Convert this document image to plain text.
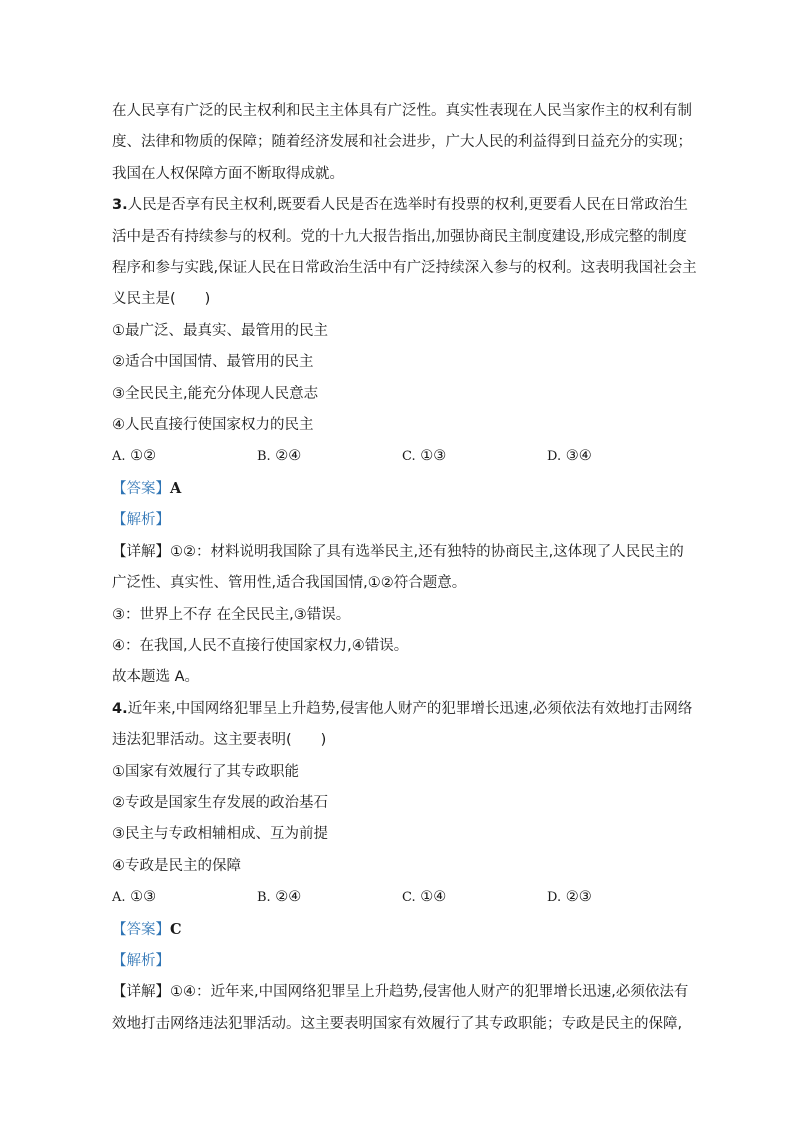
在人民享有广泛的民主权利和民主主体具有广泛性。真实性表现在人民当家作主的权利有制
度、法律和物质的保障；随着经济发展和社会进步，广大人民的利益得到日益充分的实现；
我国在人权保障方面不断取得成就。
3.人民是否享有民主权利,既要看人民是否在选举时有投票的权利,更要看人民在日常政治生
活中是否有持续参与的权利。党的十九大报告指出,加强协商民主制度建设,形成完整的制度
程序和参与实践,保证人民在日常政治生活中有广泛持续深入参与的权利。这表明我国社会主
义民主是(　　)
①最广泛、最真实、最管用的民主
②适合中国国情、最管用的民主
③全民民主,能充分体现人民意志
④人民直接行使国家权力的民主
A. ①②	B. ②④	C. ①③	D. ③④
【答案】A
【解析】
【详解】①②：材料说明我国除了具有选举民主,还有独特的协商民主,这体现了人民民主的
广泛性、真实性、管用性,适合我国国情,①②符合题意。
③：世界上不存 在全民民主,③错误。
④：在我国,人民不直接行使国家权力,④错误。
故本题选 A。
4.近年来,中国网络犯罪呈上升趋势,侵害他人财产的犯罪增长迅速,必须依法有效地打击网络
违法犯罪活动。这主要表明(　　)
①国家有效履行了其专政职能
②专政是国家生存发展的政治基石
③民主与专政相辅相成、互为前提
④专政是民主的保障
A. ①③	B. ②④	C. ①④	D. ②③
【答案】C
【解析】
【详解】①④：近年来,中国网络犯罪呈上升趋势,侵害他人财产的犯罪增长迅速,必须依法有
效地打击网络违法犯罪活动。这主要表明国家有效履行了其专政职能；专政是民主的保障,
